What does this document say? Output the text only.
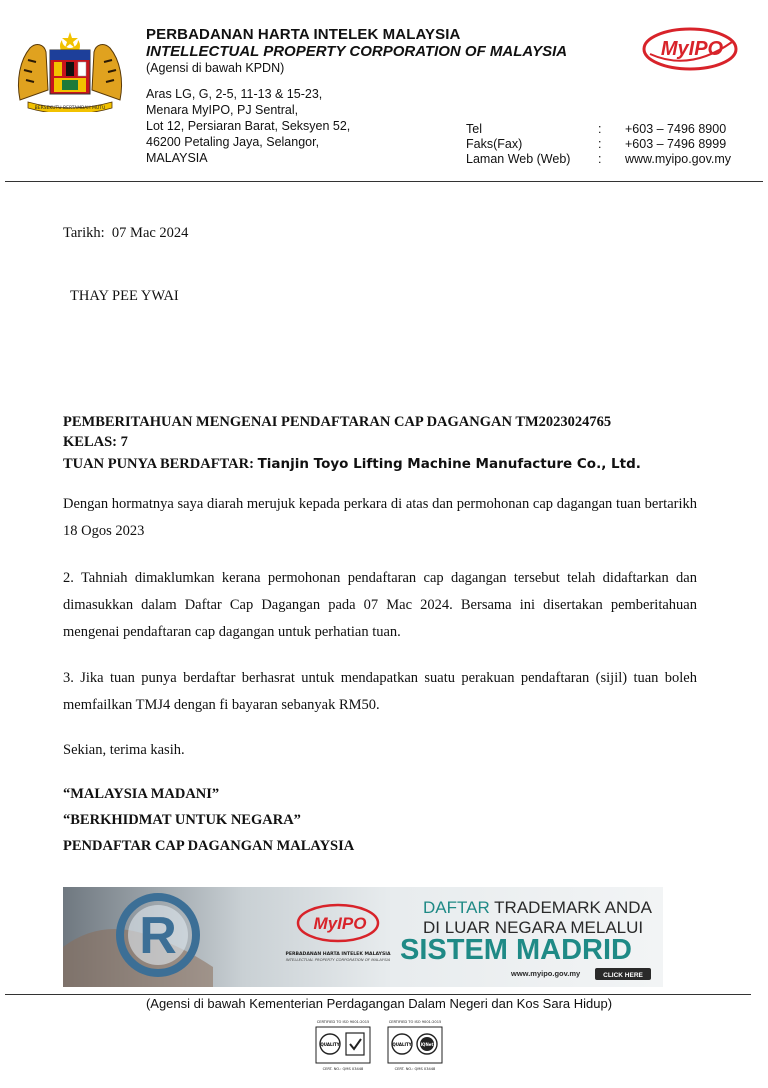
BERSEKUTU BERTAMBAH MUTU
PERBADANAN HARTA INTELEK MALAYSIA
INTELLECTUAL PROPERTY CORPORATION OF MALAYSIA
(Agensi di bawah KPDN)
Aras LG, G, 2-5, 11-13 & 15-23,
Menara MyIPO, PJ Sentral,
Lot 12, Persiaran Barat, Seksyen 52,
46200 Petaling Jaya, Selangor,
MALAYSIA
MyIPO
Tel	: +603 – 7496 8900
Faks(Fax)	: +603 – 7496 8999
Laman Web (Web) : www.myipo.gov.my
Tarikh: 07 Mac 2024
THAY PEE YWAI
PEMBERITAHUAN MENGENAI PENDAFTARAN CAP DAGANGAN TM2023024765
KELAS: 7
TUAN PUNYA BERDAFTAR: Tianjin Toyo Lifting Machine Manufacture Co., Ltd.
Dengan hormatnya saya diarah merujuk kepada perkara di atas dan permohonan cap dagangan tuan bertarikh 18 Ogos 2023
2. Tahniah dimaklumkan kerana permohonan pendaftaran cap dagangan tersebut telah didaftarkan dan dimasukkan dalam Daftar Cap Dagangan pada 07 Mac 2024. Bersama ini disertakan pemberitahuan mengenai pendaftaran cap dagangan untuk perhatian tuan.
3. Jika tuan punya berdaftar berhasrat untuk mendapatkan suatu perakuan pendaftaran (sijil) tuan boleh memfailkan TMJ4 dengan fi bayaran sebanyak RM50.
Sekian, terima kasih.
“MALAYSIA MADANI”
“BERKHIDMAT UNTUK NEGARA”
PENDAFTAR CAP DAGANGAN MALAYSIA
R	MyIPO
PERBADANAN HARTA INTELEK MALAYSIA
INTELLECTUAL PROPERTY CORPORATION OF MALAYSIA
DAFTAR TRADEMARK ANDA
DI LUAR NEGARA MELALUI
SISTEM MADRID
www.myipo.gov.my	CLICK HERE
(Agensi di bawah Kementerian Perdagangan Dalam Negeri dan Kos Sara Hidup)
CERTIFIED TO ISO 9001:2015
QUALITY
CERT. NO.: QMS 03448
CERTIFIED TO ISO 9001:2015
QUALITY IQNet
CERT. NO.: QMS 03448
